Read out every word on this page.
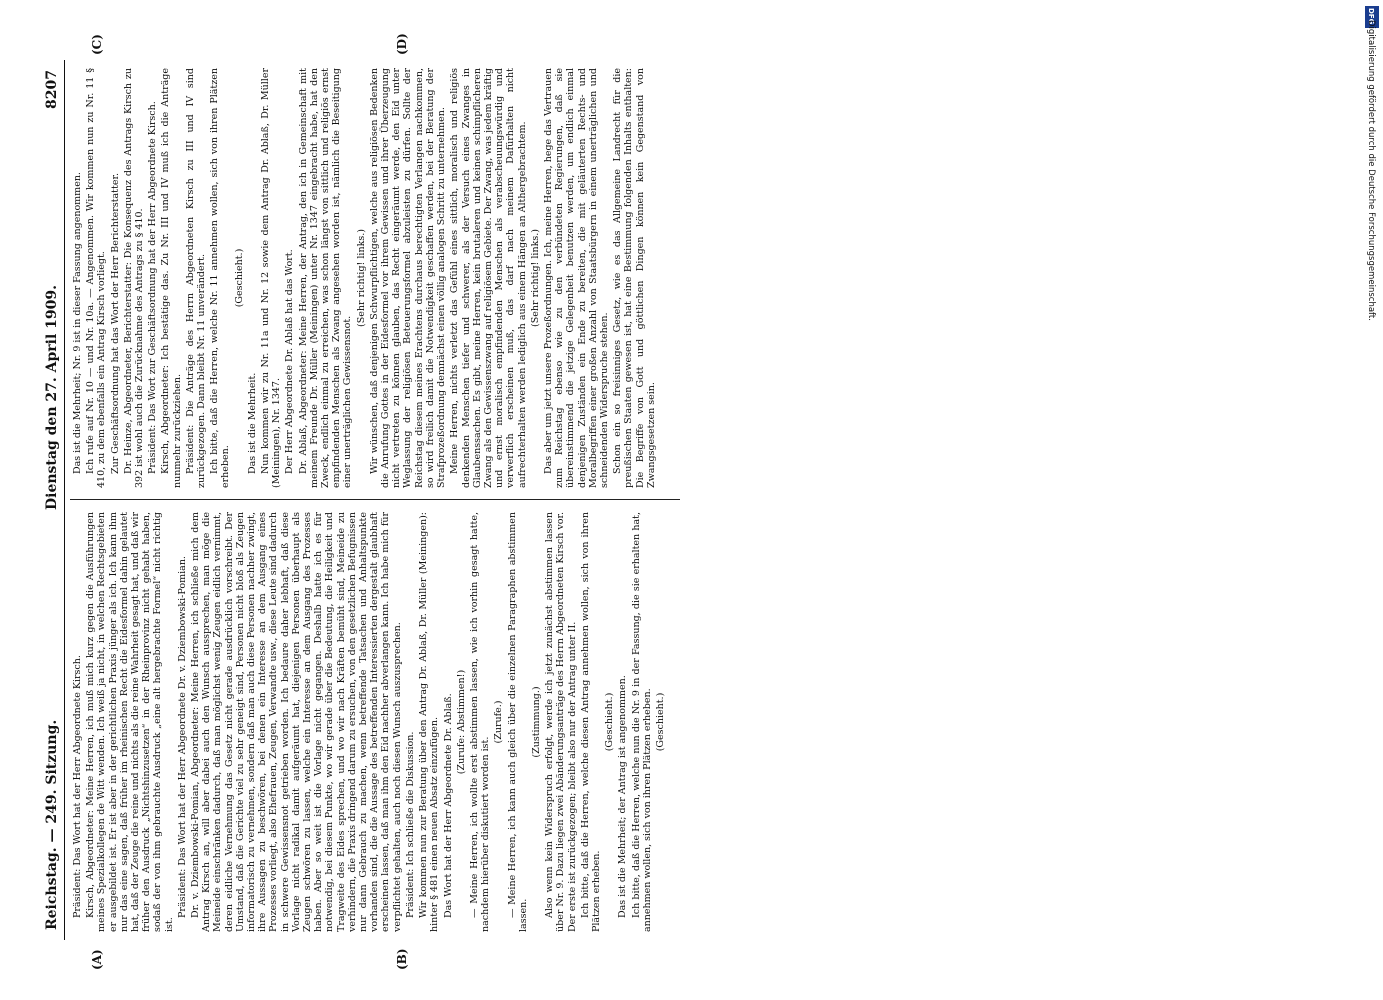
Reichstag. — 249. Sitzung.
Dienstag den 27. April 1909.
8207
(A)	(B)
(C)	(D)

Präsident: Das Wort hat der Herr Abgeordnete Kirsch. Kirsch, Abgeordneter: Meine Herren, ich muß mich kurz gegen die Ausführungen meines Spezialkollegen de Witt wenden. Ich weiß ja nicht, in welchen Rechtsgebieten er ausgebildet ist. Er ist aber in der gerichtlichen Praxis jünger als ich. Ich kann ihm nur das eine sagen, daß früher im rheinischen Recht die Eidesformel dahin gelautet hat, daß der Zeuge die reine und nichts als die reine Wahrheit gesagt hat, und daß wir früher den Ausdruck „Nichtshinzusetzen“ in der Rheinprovinz nicht gehabt haben, sodaß der von ihm gebrauchte Ausdruck „eine alt hergebrachte Formel“ nicht richtig ist.

Präsident: Das Wort hat der Herr Abgeordnete Dr. v. Dziembowski-Pomian. Dr. v. Dziembowski-Pomian, Abgeordneter: Meine Herren, ich schließe mich dem Antrag Kirsch an, will aber dabei auch den Wunsch aussprechen, man möge die Meineide einschränken dadurch, daß man möglichst wenig Zeugen eidlich vernimmt, deren eidliche Vernehmung das Gesetz nicht gerade ausdrücklich vorschreibt. Der Umstand, daß die Gerichte viel zu sehr geneigt sind, Personen nicht bloß als Zeugen informatorisch zu vernehmen, sondern daß man auch diese Personen nachher zwingt, ihre Aussagen zu beschwören, bei denen ein Interesse an dem Ausgang eines Prozesses vorliegt, also Ehefrauen, Zeugen, Verwandte usw., diese Leute sind dadurch in schwere Gewissensnot getrieben worden. Ich bedaure daher lebhaft, daß diese Vorlage nicht radikal damit aufgeräumt hat, diejenigen Personen überhaupt als Zeugen schwören zu lassen, welche ein Interesse an dem Ausgang des Prozesses haben. Aber so weit ist die Vorlage nicht gegangen. Deshalb hatte ich es für notwendig, bei diesem Punkte, wo wir gerade über die Bedeutung, die Heiligkeit und Tragweite des Eides sprechen, und wo wir nach Kräften bemüht sind, Meineide zu verhindern, die Praxis dringend darum zu ersuchen, von den gesetzlichen Befugnissen nur dann Gebrauch zu machen, wenn betreffende Tatsachen und Anhaltspunkte vorhanden sind, die die Aussage des betreffenden Interessierten dergestalt glaubhaft erscheinen lassen, daß man ihm den Eid nachher abverlangen kann. Ich habe mich für verpflichtet gehalten, auch noch diesen Wunsch auszusprechen. Präsident: Ich schließe die Diskussion. Wir kommen nun zur Beratung über den Antrag Dr. Ablaß, Dr. Müller (Meiningen): hinter § 481 einen neuen Absatz einzufügen. Das Wort hat der Herr Abgeordnete Dr. Ablaß. (Zurufe: Abstimmen!) — Meine Herren, ich wollte erst abstimmen lassen, wie ich vorhin gesagt hatte, nachdem hierüber diskutiert worden ist.

(Zurufe.) — Meine Herren, ich kann auch gleich über die einzelnen Paragraphen abstimmen lassen.

(Zustimmung.) Also wenn kein Widerspruch erfolgt, werde ich jetzt zunächst abstimmen lassen über Nr. 9. Dazu liegen zwei Abänderungsanträge des Herrn Abgeordneten Kirsch vor. Der erste ist zurückgezogen; bleibt also nur der Antrag unter II. Ich bitte, daß die Herren, welche diesen Antrag annehmen wollen, sich von ihren Plätzen erheben.

(Geschieht.) Das ist die Mehrheit; der Antrag ist angenommen. Ich bitte, daß die Herren, welche nun die Nr. 9 in der Fassung, die sie erhalten hat, annehmen wollen, sich von ihren Plätzen erheben. (Geschieht.)

Das ist die Mehrheit; Nr. 9 ist in dieser Fassung angenommen. Ich rufe auf Nr. 10 — und Nr. 10a. — Angenommen. Wir kommen nun zu Nr. 11 § 410, zu dem ebenfalls ein Antrag Kirsch vorliegt. Zur Geschäftsordnung hat das Wort der Herr Berichterstatter. Dr. Heinze, Abgeordneter, Berichterstatter: Die Konsequenz des Antrags Kirsch zu 392 ist wohl auch die Zurücknahme des Antrags zu § 410. Präsident: Das Wort zur Geschäftsordnung hat der Herr Abgeordnete Kirsch. Kirsch, Abgeordneter: Ich bestätige das. Zu Nr. III und IV muß ich die Anträge nunmehr zurückziehen. Präsident: Die Anträge des Herrn Abgeordneten Kirsch zu III und IV sind zurückgezogen. Dann bleibt Nr. 11 unverändert. Ich bitte, daß die Herren, welche Nr. 11 annehmen wollen, sich von ihren Plätzen erheben.

(Geschieht.)

Das ist die Mehrheit. Nun kommen wir zu Nr. 11a und Nr. 12 sowie dem Antrag Dr. Ablaß, Dr. Müller (Meiningen), Nr. 1347. Der Herr Abgeordnete Dr. Ablaß hat das Wort. Dr. Ablaß, Abgeordneter: Meine Herren, der Antrag, den ich in Gemeinschaft mit meinem Freunde Dr. Müller (Meiningen) unter Nr. 1347 eingebracht habe, hat den Zweck, endlich einmal zu erreichen, was schon längst von sittlich und religiös ernst empfindenden Menschen als Zwang angesehen worden ist, nämlich die Beseitigung einer unerträglichen Gewissensnot.

(Sehr richtig! links.) Wir wünschen, daß denjenigen Schwurpflichtigen, welche aus religiösen Bedenken die Anrufung Gottes in der Eidesformel vor ihrem Gewissen und ihrer Überzeugung nicht vertreten zu können glauben, das Recht eingeräumt werde, den Eid unter Weglassung der religiösen Beteuerungsformel abzuleisten zu dürfen. Sollte der Reichstag diesem meines Erachtens durchaus berechtigten Verlangen nachkommen, so wird freilich damit die Notwendigkeit geschaffen werden, bei der Beratung der Strafprozeßordnung demnächst einen völlig analogen Schritt zu unternehmen. Meine Herren, nichts verletzt das Gefühl eines sittlich, moralisch und religiös denkenden Menschen tiefer und schwerer, als der Versuch eines Zwanges in Glaubenssachen. Es gibt, meine Herren, kein brutaleren und keinen schimpflicheren Zwang als den Gewissenszwang auf religiösem Gebiete. Der Zwang, was jedem kräftig und ernst moralisch empfindenden Menschen als verabscheuungswürdig und verwerflich erscheinen muß, das darf nach meinem Dafürhalten nicht aufrechterhalten werden lediglich aus einem Hängen an Althergebrachtem. (Sehr richtig! links.) Das aber um jetzt unsere Prozeßordnungen. Ich, meine Herren, hege das Vertrauen zum Reichstag ebenso wie zu den verbündeten Regierungen, daß sie übereinstimmend die jetzige Gelegenheit benutzen werden, um endlich einmal denjenigen Zuständen ein Ende zu bereiten, die mit geläuterten Rechts- und Moralbegriffen einer großen Anzahl von Staatsbürgern in einem unerträglichen und schneidenden Widerspruche stehen. Schon ein so freisinniges Gesetz, wie es das Allgemeine Landrecht für die preußischen Staaten gewesen ist, hat eine Bestimmung folgenden Inhalts enthalten: Die Begriffe von Gott und göttlichen Dingen können kein Gegenstand von Zwangsgesetzen sein.

DFG
Digitalisierung gefördert durch die Deutsche Forschungsgemeinschaft.
